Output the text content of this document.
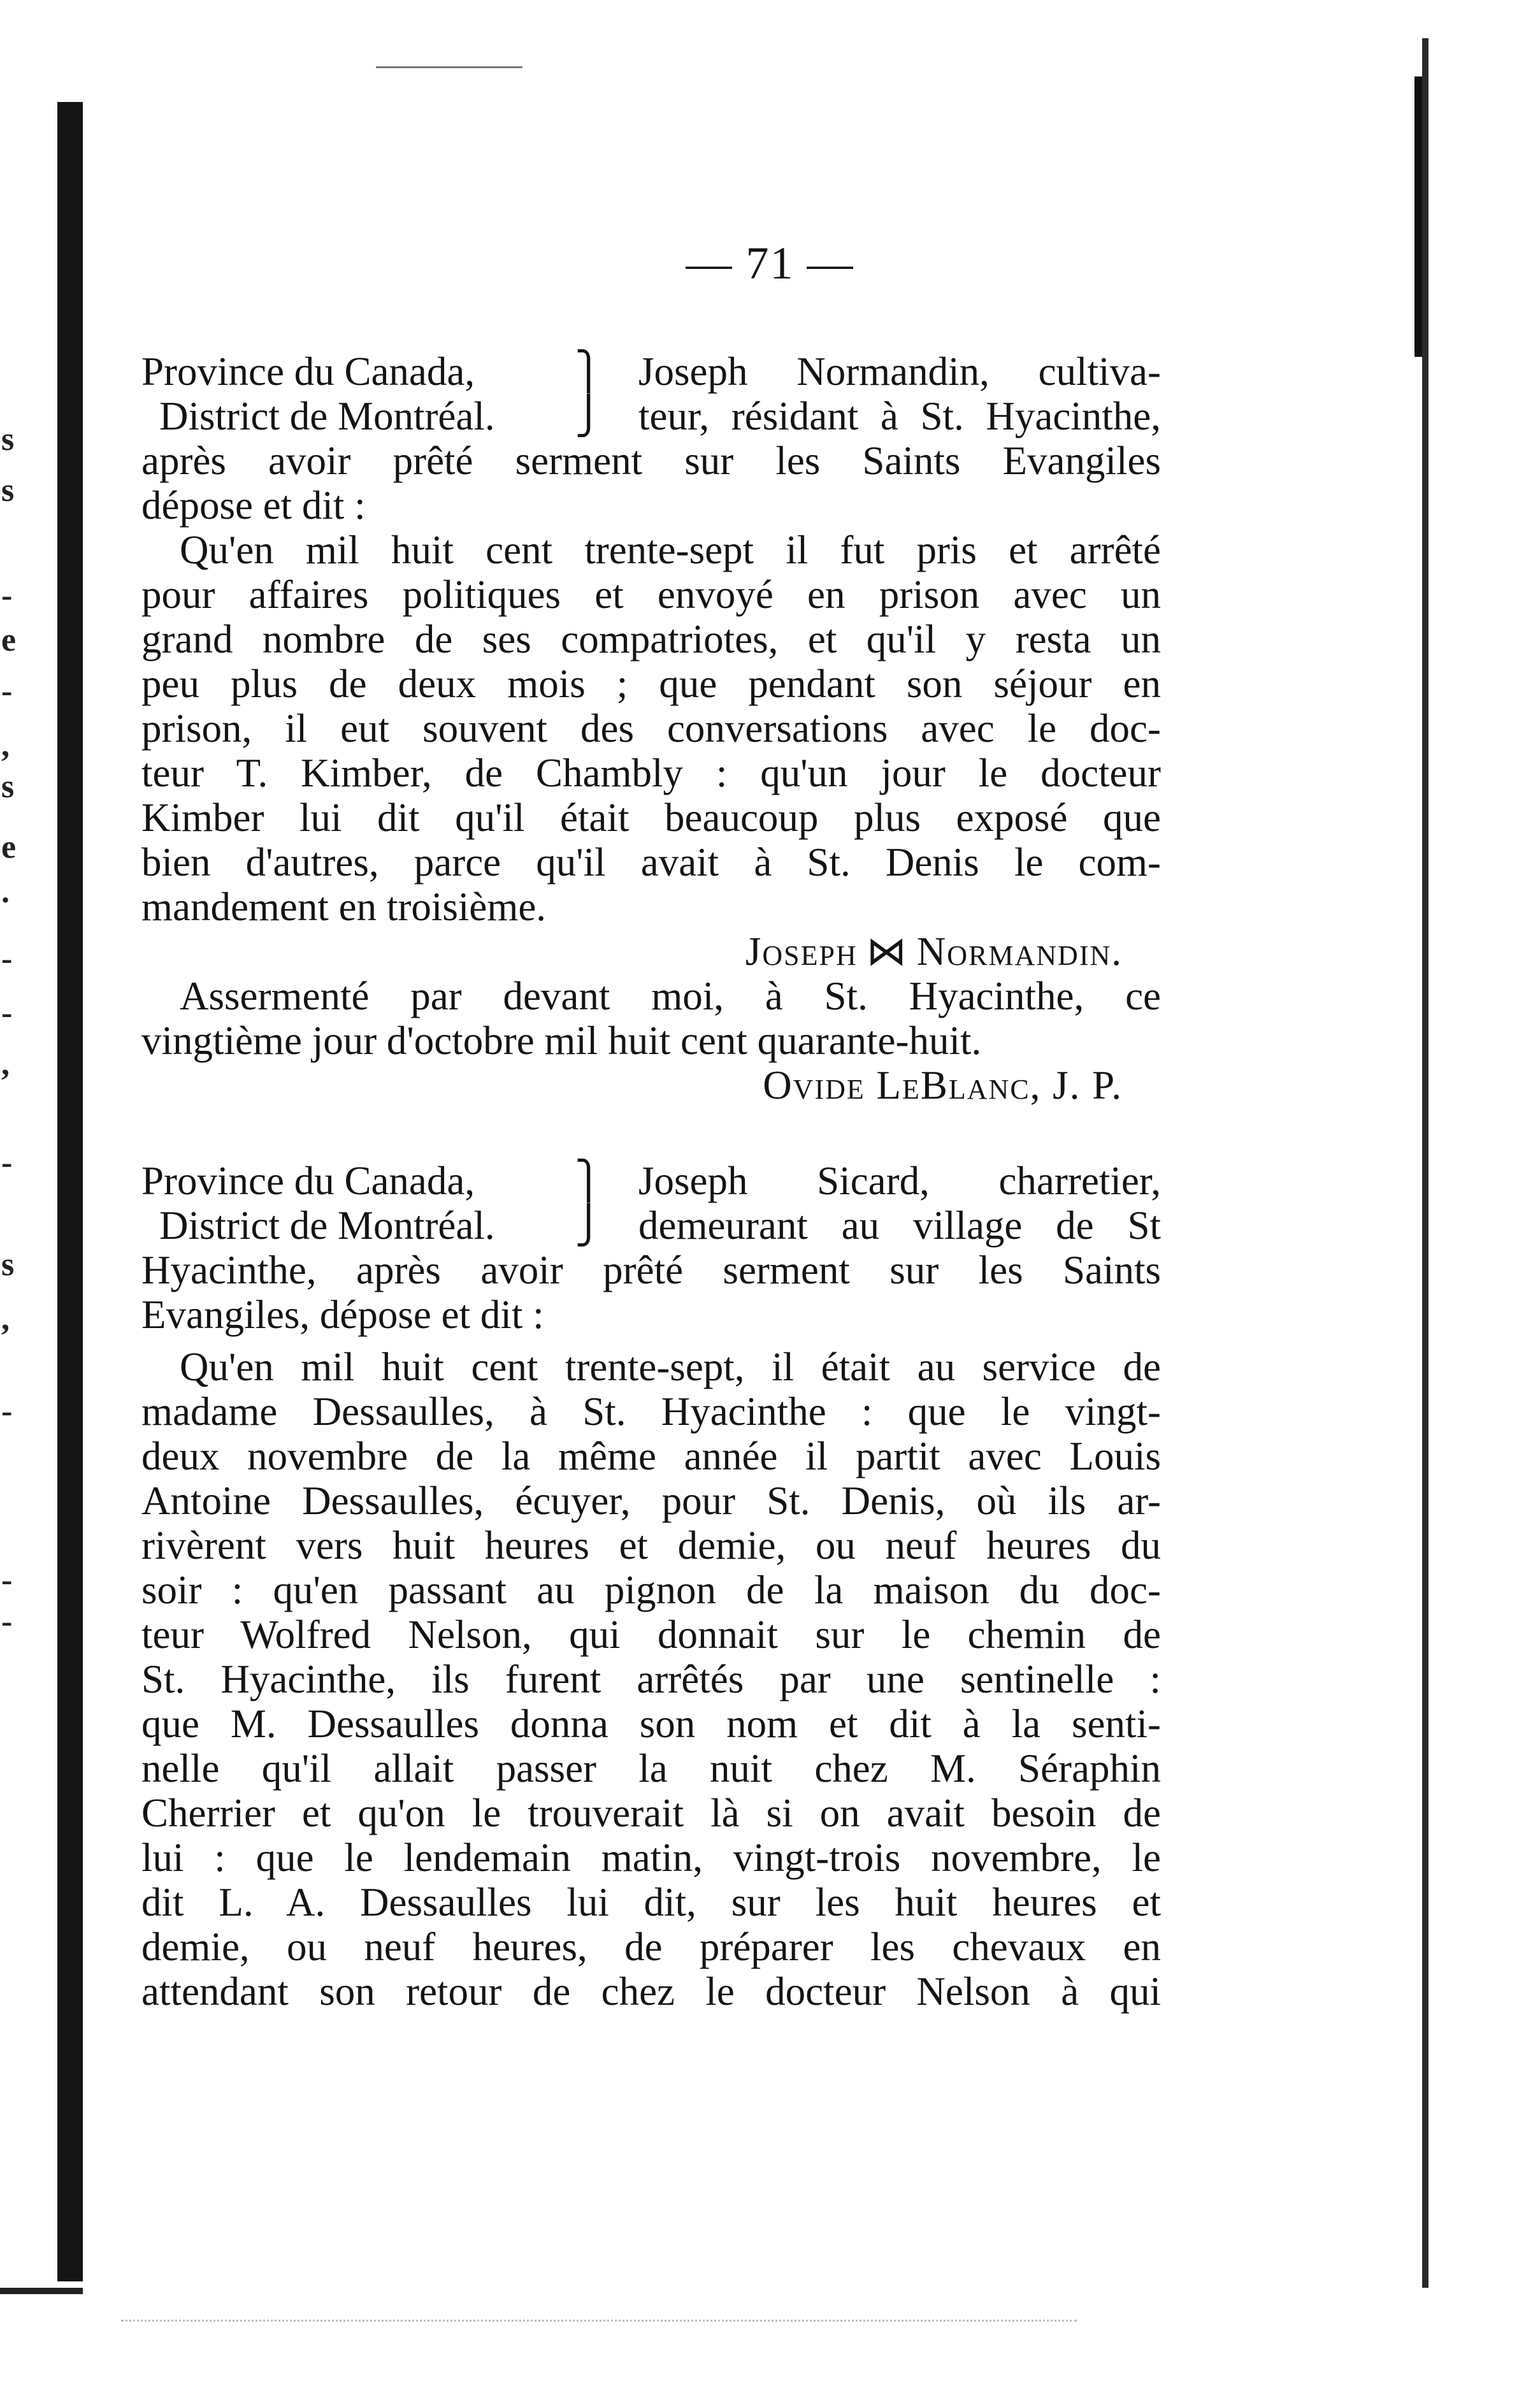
s
s
-
e
-
,
s
e
.
-
-
,
-
s
,
-
-
-
— 71 —
Province du Canada,	⎫ Joseph Normandin, cultiva-
District de Montréal. ⎭ teur, résidant à St. Hyacinthe,
après avoir prêté serment sur les Saints Evangiles
dépose et dit :
Qu'en mil huit cent trente-sept il fut pris et arrêté
pour affaires politiques et envoyé en prison avec un
grand nombre de ses compatriotes, et qu'il y resta un
peu plus de deux mois ; que pendant son séjour en
prison, il eut souvent des conversations avec le doc-
teur T. Kimber, de Chambly : qu'un jour le docteur
Kimber lui dit qu'il était beaucoup plus exposé que
bien d'autres, parce qu'il avait à St. Denis le com-
mandement en troisième.
Joseph ⋈ Normandin.
Assermenté par devant moi, à St. Hyacinthe, ce
vingtième jour d'octobre mil huit cent quarante-huit.
Ovide LeBlanc, J. P.
Province du Canada,	⎫ Joseph Sicard, charretier,
District de Montréal. ⎭ demeurant au village de St
Hyacinthe, après avoir prêté serment sur les Saints
Evangiles, dépose et dit :
Qu'en mil huit cent trente-sept, il était au service de
madame Dessaulles, à St. Hyacinthe : que le vingt-
deux novembre de la même année il partit avec Louis
Antoine Dessaulles, écuyer, pour St. Denis, où ils ar-
rivèrent vers huit heures et demie, ou neuf heures du
soir : qu'en passant au pignon de la maison du doc-
teur Wolfred Nelson, qui donnait sur le chemin de
St. Hyacinthe, ils furent arrêtés par une sentinelle :
que M. Dessaulles donna son nom et dit à la senti-
nelle qu'il allait passer la nuit chez M. Séraphin
Cherrier et qu'on le trouverait là si on avait besoin de
lui : que le lendemain matin, vingt-trois novembre, le
dit L. A. Dessaulles lui dit, sur les huit heures et
demie, ou neuf heures, de préparer les chevaux en
attendant son retour de chez le docteur Nelson à qui
